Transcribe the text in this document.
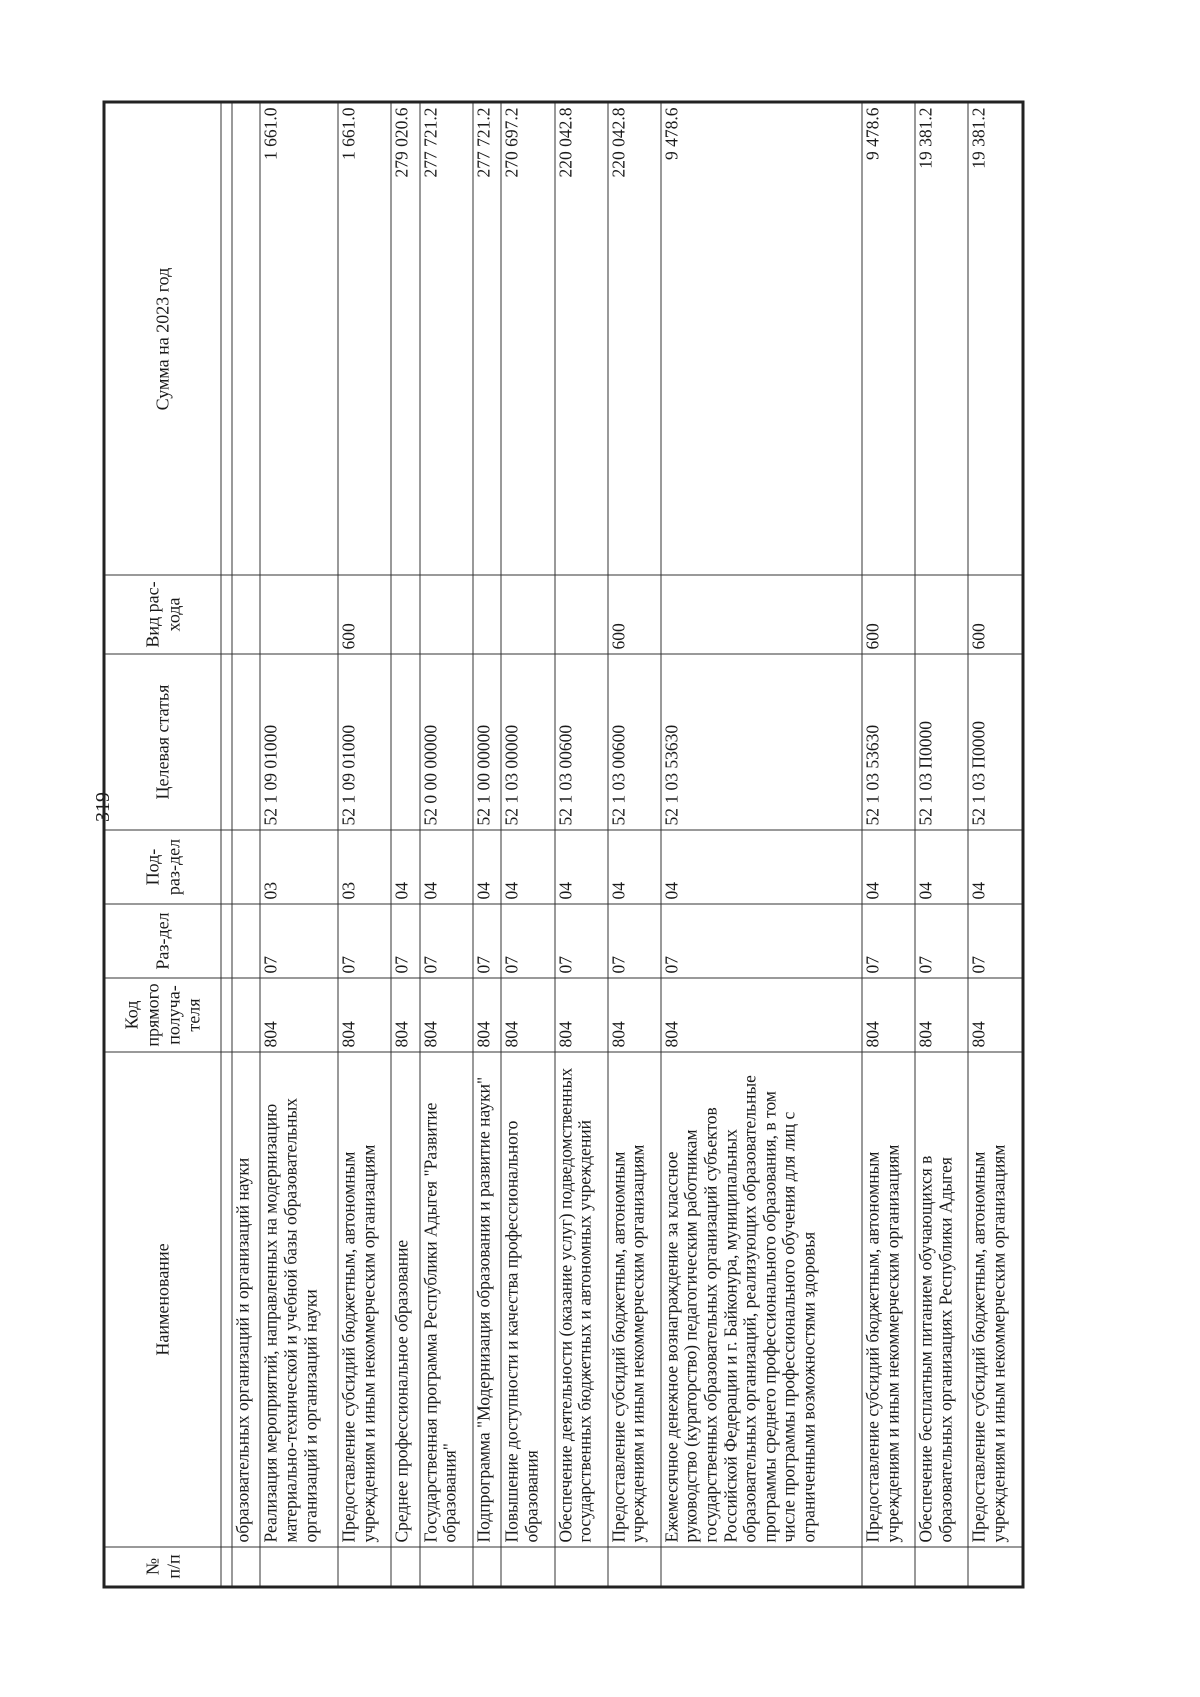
- 319 -
№ п/п	Наименование	Код прямого получа-теля	Раз-дел	Под-раз-дел	Целевая статья	Вид рас-хода	Сумма на 2023 год

	образовательных организаций и организаций науки						
	Реализация мероприятий, направленных на модернизацию материально-технической и учебной базы образовательных организаций и организаций науки	804	07	03	52 1 09 01000		1 661.0
	Предоставление субсидий бюджетным, автономным учреждениям и иным некоммерческим организациям	804	07	03	52 1 09 01000	600	1 661.0
	Среднее профессиональное образование	804	07	04			279 020.6
	Государственная программа Республики Адыгея "Развитие образования"	804	07	04	52 0 00 00000		277 721.2
	Подпрограмма "Модернизация образования и развитие науки"	804	07	04	52 1 00 00000		277 721.2
	Повышение доступности и качества профессионального образования	804	07	04	52 1 03 00000		270 697.2
	Обеспечение деятельности (оказание услуг) подведомственных государственных бюджетных и автономных учреждений	804	07	04	52 1 03 00600		220 042.8
	Предоставление субсидий бюджетным, автономным учреждениям и иным некоммерческим организациям	804	07	04	52 1 03 00600	600	220 042.8
	Ежемесячное денежное вознаграждение за классное руководство (кураторство) педагогическим работникам государственных образовательных организаций субъектов Российской Федерации и г. Байконура, муниципальных образовательных организаций, реализующих образовательные программы среднего профессионального образования, в том числе программы профессионального обучения для лиц с ограниченными возможностями здоровья	804	07	04	52 1 03 53630		9 478.6
	Предоставление субсидий бюджетным, автономным учреждениям и иным некоммерческим организациям	804	07	04	52 1 03 53630	600	9 478.6
	Обеспечение бесплатным питанием обучающихся в образовательных организациях Республики Адыгея	804	07	04	52 1 03 П0000		19 381.2
	Предоставление субсидий бюджетным, автономным учреждениям и иным некоммерческим организациям	804	07	04	52 1 03 П0000	600	19 381.2
